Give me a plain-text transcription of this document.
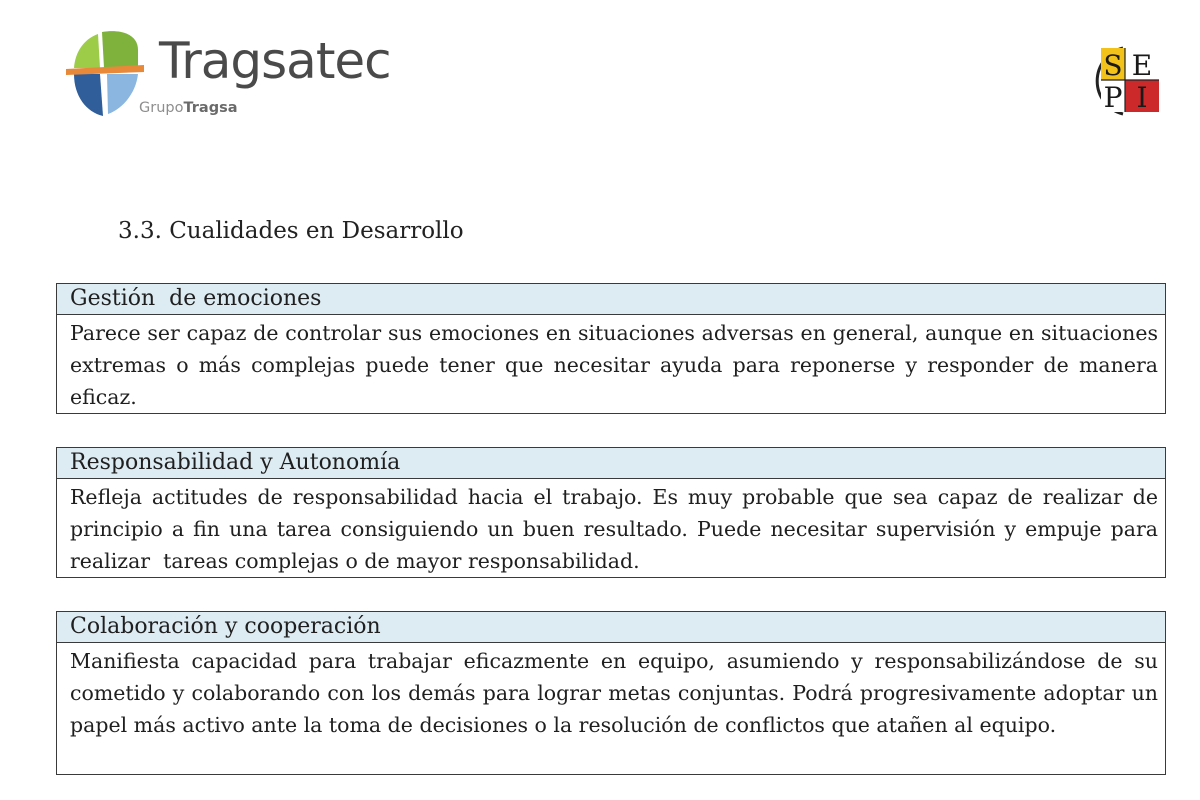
Tragsatec
GrupoTragsa
S E
P I
3.3. Cualidades en Desarrollo
Gestión  de emociones
Parece ser capaz de controlar sus emociones en situaciones adversas en general, aunque en situaciones extremas o más complejas puede tener que necesitar ayuda para reponerse y responder de manera eficaz.
Responsabilidad y Autonomía
Refleja actitudes de responsabilidad hacia el trabajo. Es muy probable que sea capaz de realizar de principio a fin una tarea consiguiendo un buen resultado. Puede necesitar supervisión y empuje para realizar  tareas complejas o de mayor responsabilidad.
Colaboración y cooperación
Manifiesta capacidad para trabajar eficazmente en equipo, asumiendo y responsabilizándose de su cometido y colaborando con los demás para lograr metas conjuntas. Podrá progresivamente adoptar un papel más activo ante la toma de decisiones o la resolución de conflictos que atañen al equipo.
